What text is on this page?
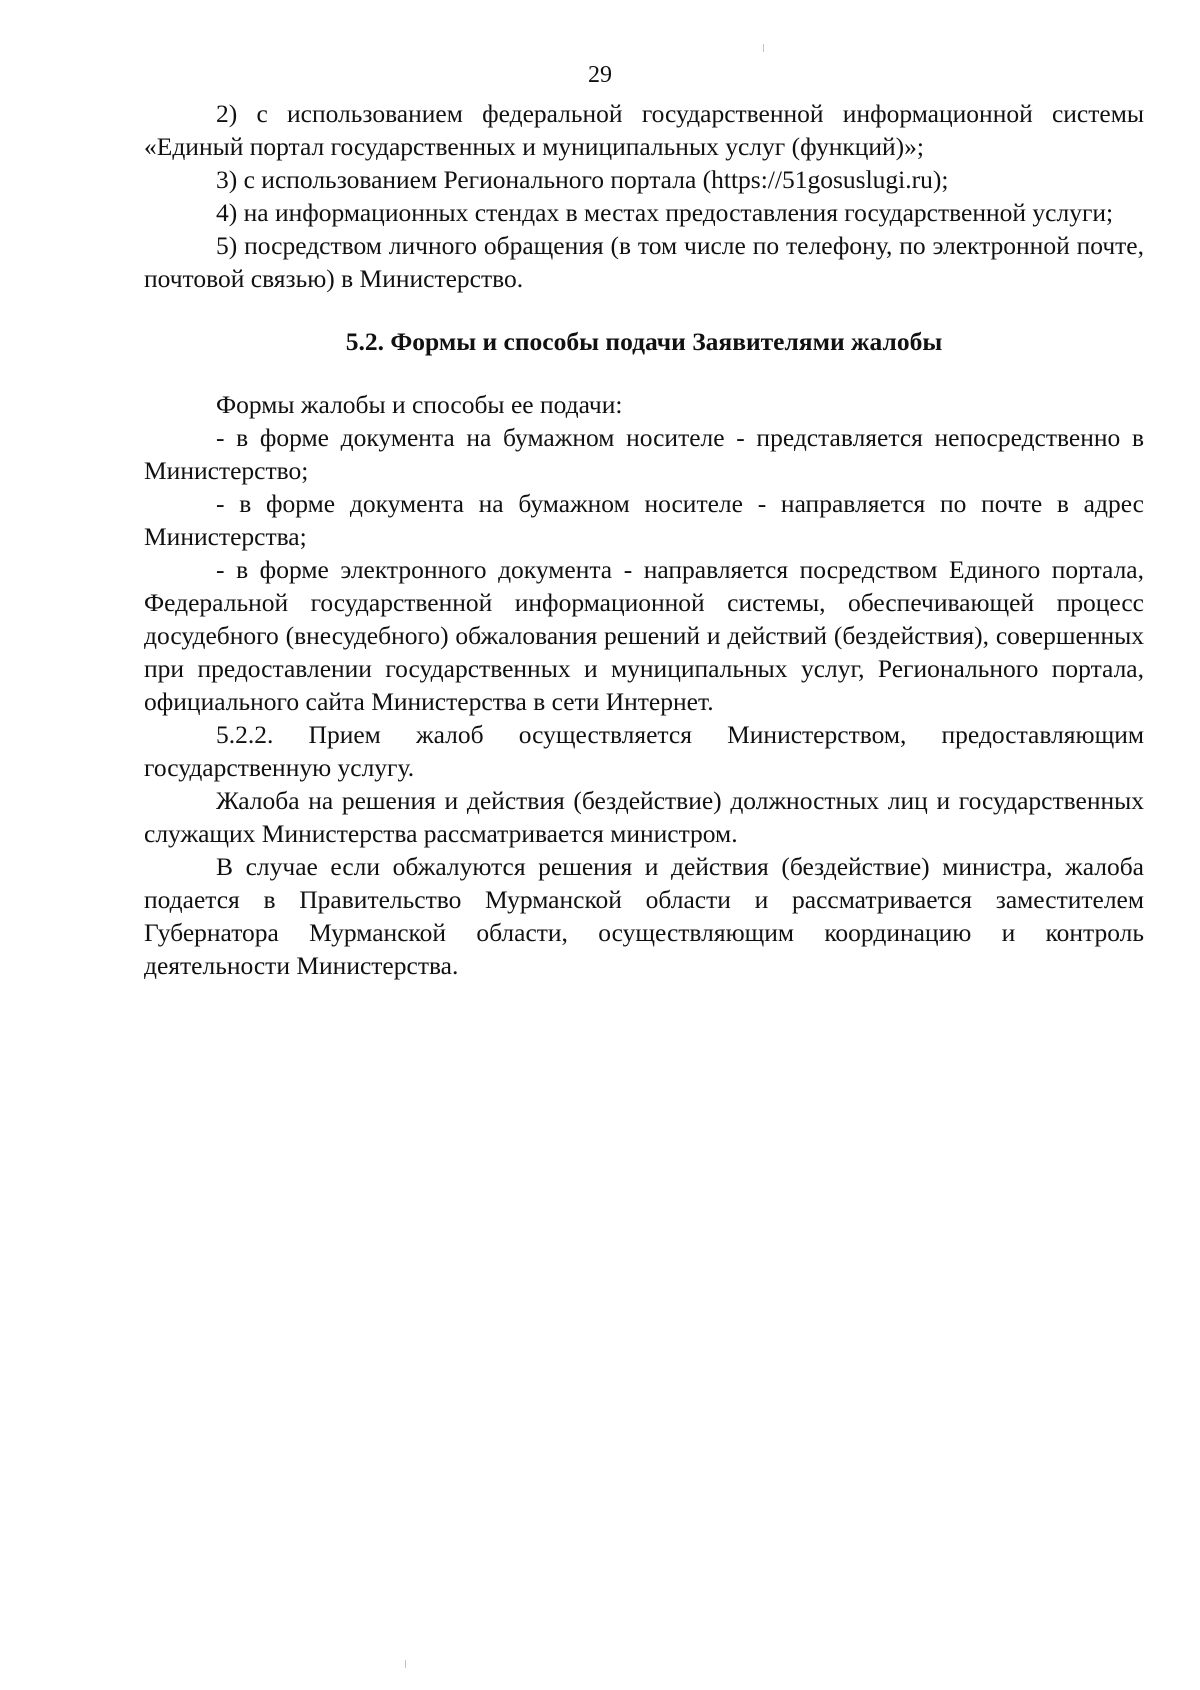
29

2) с использованием федеральной государственной информационной системы «Единый портал государственных и муниципальных услуг (функций)»;

3) с использованием Регионального портала (https://51gosuslugi.ru);

4) на информационных стендах в местах предоставления государственной услуги;

5) посредством личного обращения (в том числе по телефону, по электронной почте, почтовой связью) в Министерство.

5.2. Формы и способы подачи Заявителями жалобы

Формы жалобы и способы ее подачи:

- в форме документа на бумажном носителе - представляется непосредственно в Министерство;

- в форме документа на бумажном носителе - направляется по почте в адрес Министерства;

- в форме электронного документа - направляется посредством Единого портала, Федеральной государственной информационной системы, обеспечивающей процесс досудебного (внесудебного) обжалования решений и действий (бездействия), совершенных при предоставлении государственных и муниципальных услуг, Регионального портала, официального сайта Министерства в сети Интернет.

5.2.2. Прием жалоб осуществляется Министерством, предоставляющим государственную услугу.

Жалоба на решения и действия (бездействие) должностных лиц и государственных служащих Министерства рассматривается министром.

В случае если обжалуются решения и действия (бездействие) министра, жалоба подается в Правительство Мурманской области и рассматривается заместителем Губернатора Мурманской области, осуществляющим координацию и контроль деятельности Министерства.
